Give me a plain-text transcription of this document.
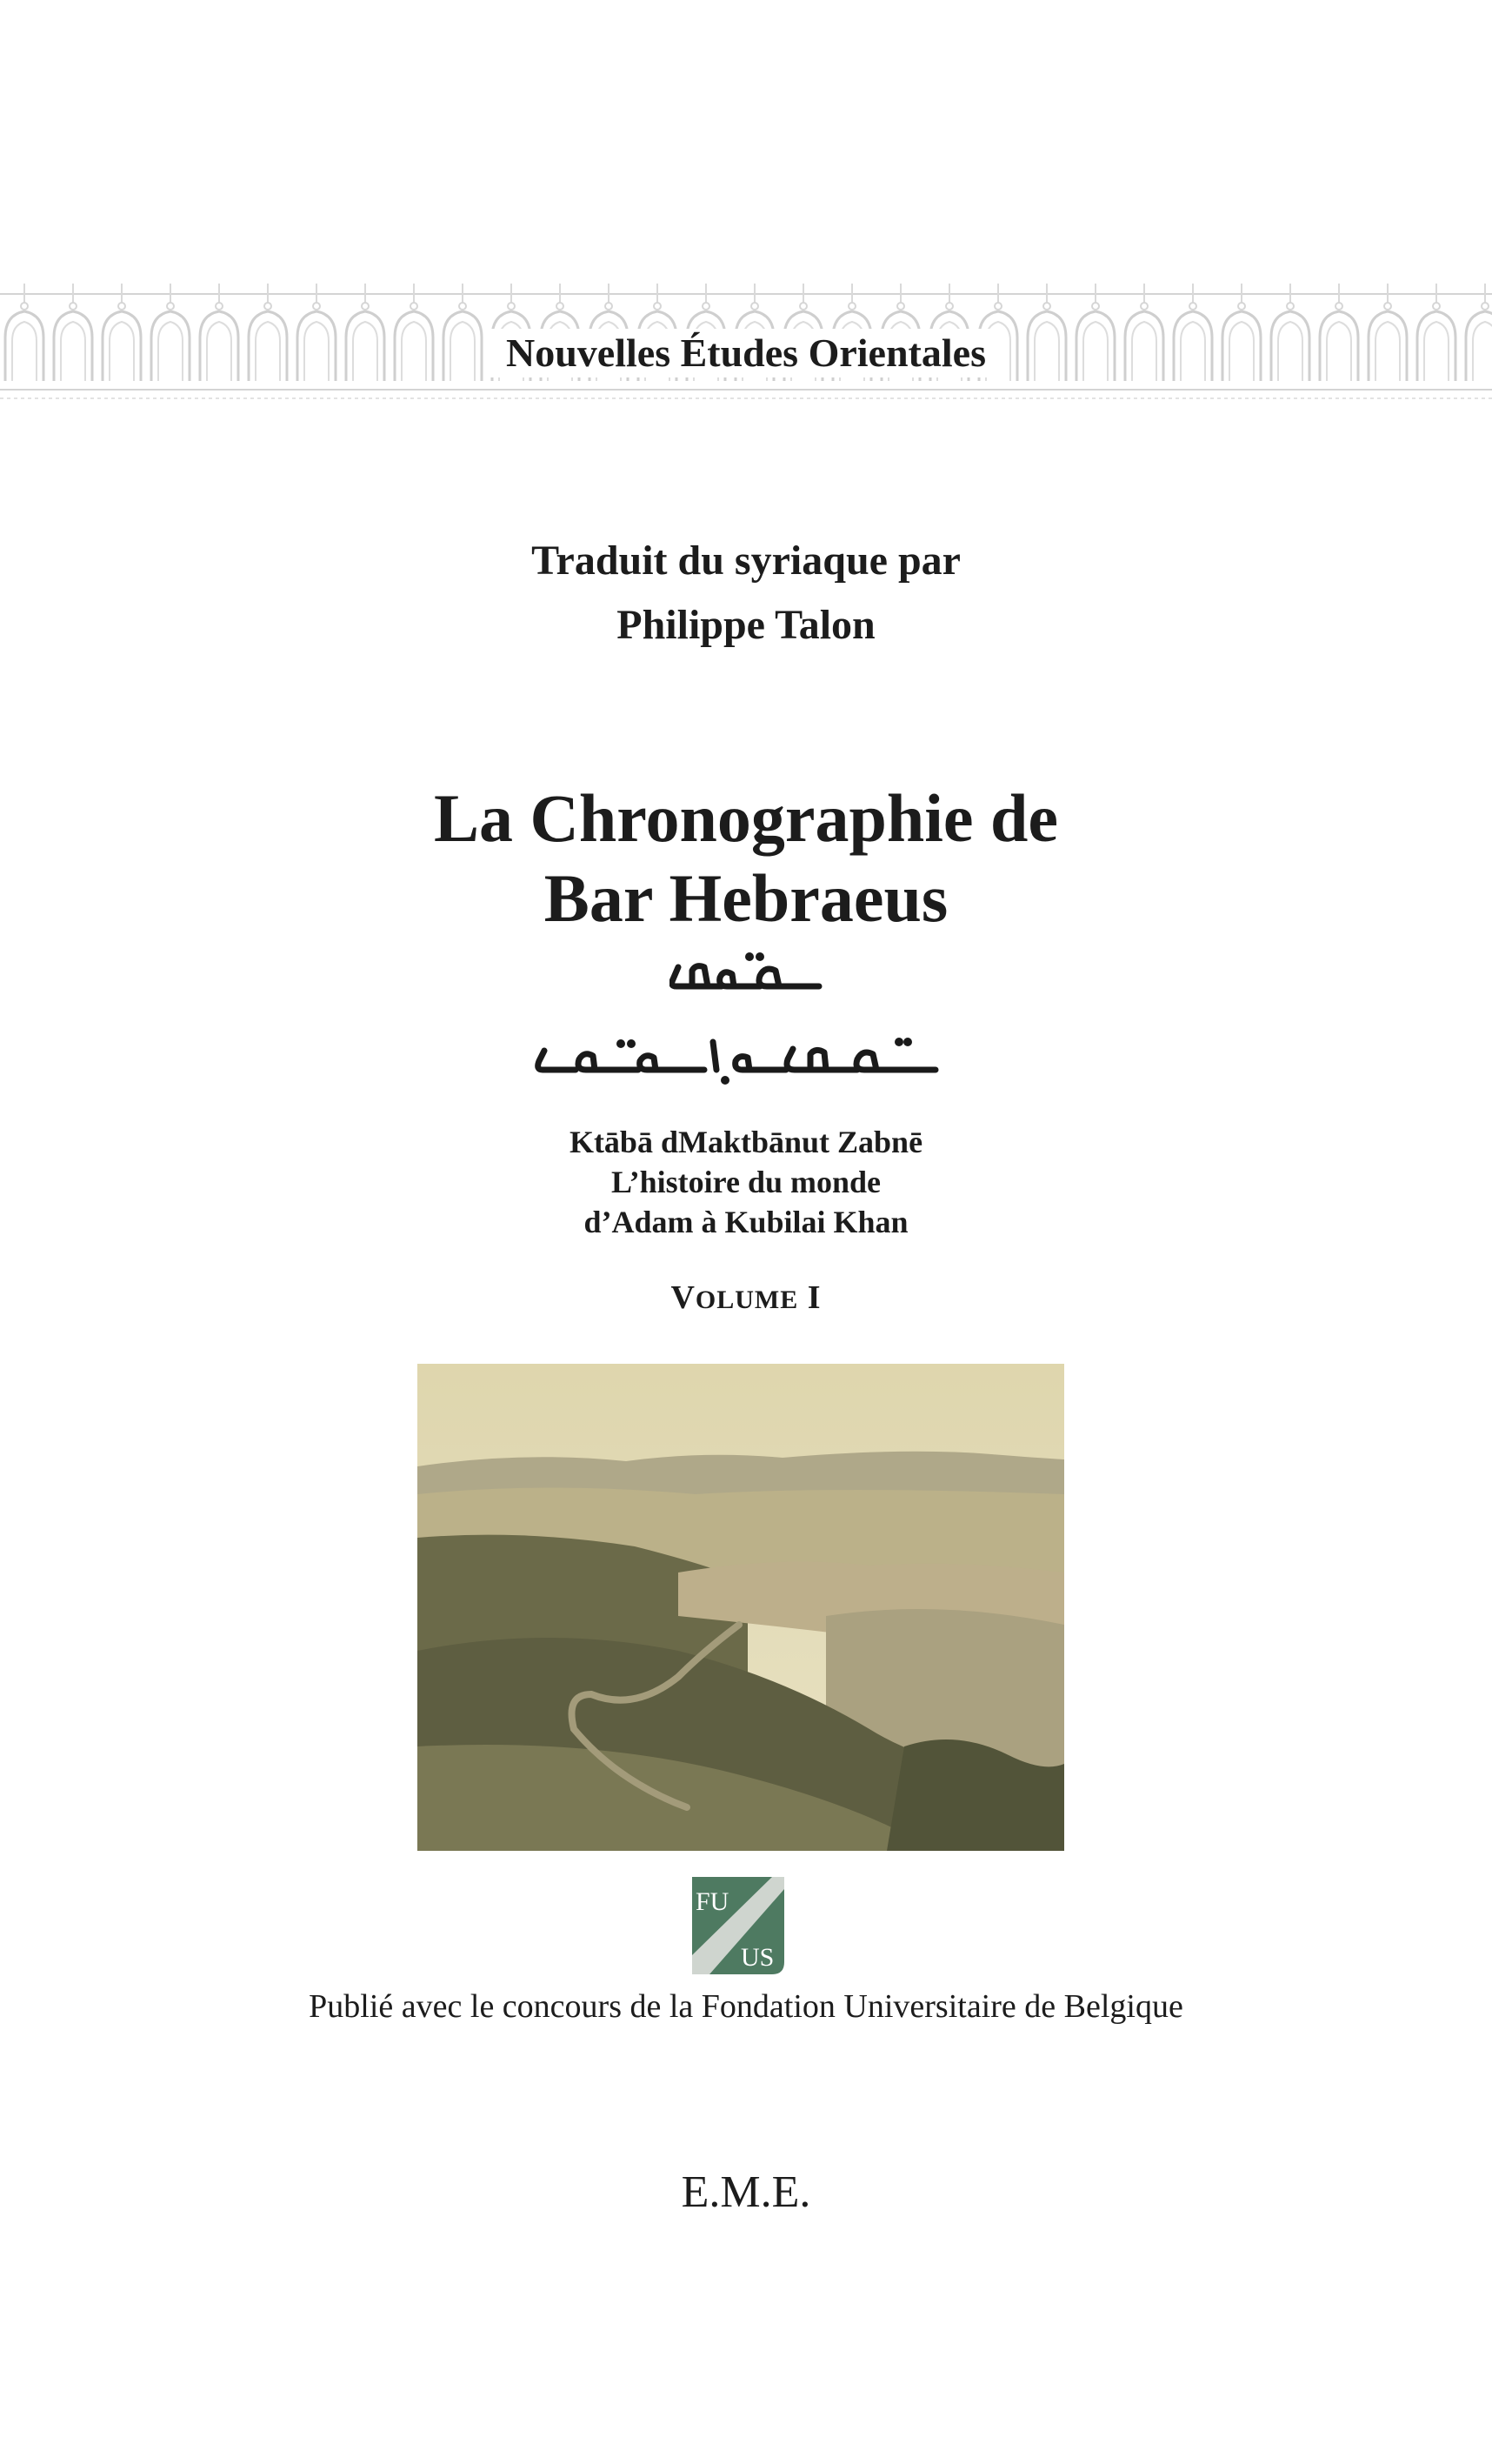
Nouvelles Études Orientales
Traduit du syriaque par
Philippe Talon
La Chronographie de
Bar Hebraeus
Ktābā dMaktbānut Zabnē
L’histoire du monde
d’Adam à Kubilai Khan
VOLUME I
FU
US
Publié avec le concours de la Fondation Universitaire de Belgique
E.M.E.
